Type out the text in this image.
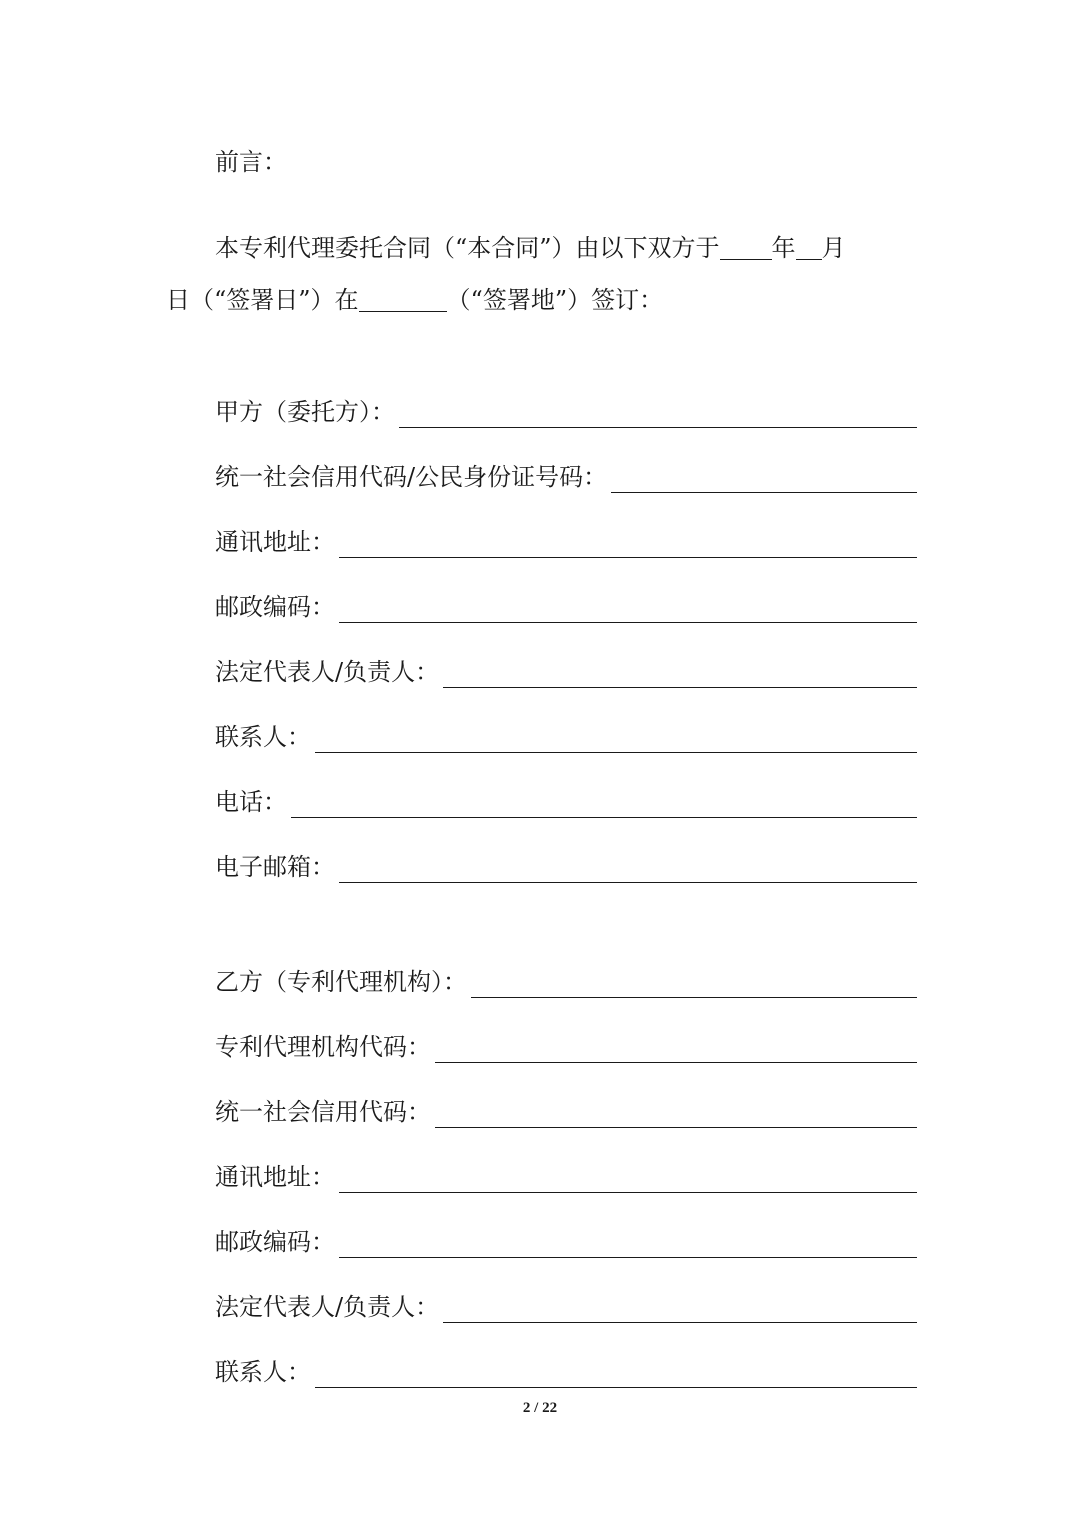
前言：
本专利代理委托合同（“本合同”）由以下双方于 年 月
日（“签署日”）在	（“签署地”）签订：
甲方（委托方）：
统一社会信用代码/公民身份证号码：
通讯地址：
邮政编码：
法定代表人/负责人：
联系人：
电话：
电子邮箱：
乙方（专利代理机构）：
专利代理机构代码：
统一社会信用代码：
通讯地址：
邮政编码：
法定代表人/负责人：
联系人：
2 / 22
